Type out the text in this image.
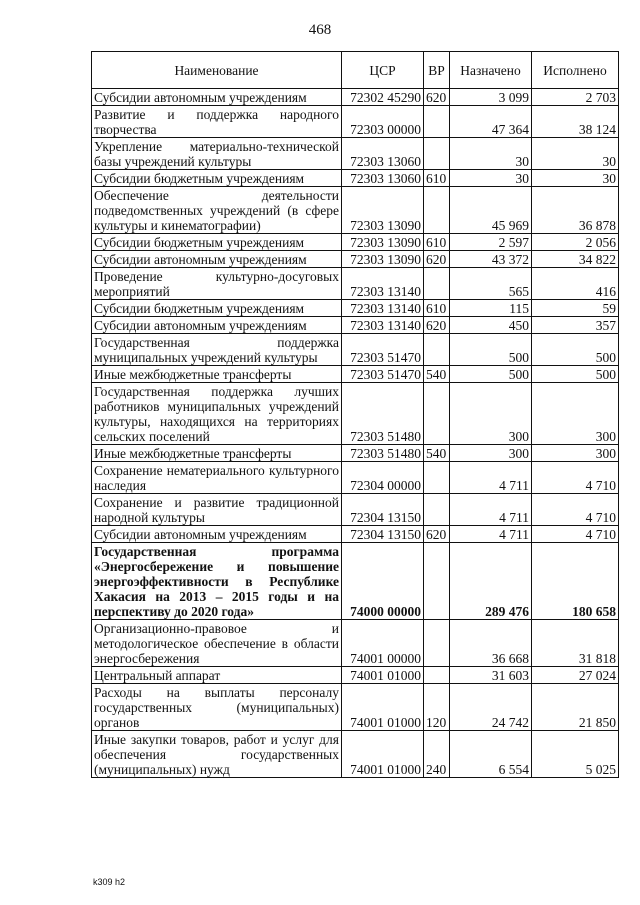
468
Наименование	ЦСР	ВР	Назначено	Исполнено
Субсидии автономным учреждениям	72302 45290	620	3 099	2 703
Развитие и поддержка народного творчества	72303 00000		47 364	38 124
Укрепление материально-технической базы учреждений культуры	72303 13060		30	30
Субсидии бюджетным учреждениям	72303 13060	610	30	30
Обеспечение деятельности подведомственных учреждений (в сфере культуры и кинематографии)	72303 13090		45 969	36 878
Субсидии бюджетным учреждениям	72303 13090	610	2 597	2 056
Субсидии автономным учреждениям	72303 13090	620	43 372	34 822
Проведение культурно-досуговых мероприятий	72303 13140		565	416
Субсидии бюджетным учреждениям	72303 13140	610	115	59
Субсидии автономным учреждениям	72303 13140	620	450	357
Государственная поддержка муниципальных учреждений культуры	72303 51470		500	500
Иные межбюджетные трансферты	72303 51470	540	500	500
Государственная поддержка лучших работников муниципальных учреждений культуры, находящихся на территориях сельских поселений	72303 51480		300	300
Иные межбюджетные трансферты	72303 51480	540	300	300
Сохранение нематериального культурного наследия	72304 00000		4 711	4 710
Сохранение и развитие традиционной народной культуры	72304 13150		4 711	4 710
Субсидии автономным учреждениям	72304 13150	620	4 711	4 710
Государственная программа «Энергосбережение и повышение энергоэффективности в Республике Хакасия на 2013 – 2015 годы и на перспективу до 2020 года»	74000 00000		289 476	180 658
Организационно-правовое и методологическое обеспечение в области энергосбережения	74001 00000		36 668	31 818
Центральный аппарат	74001 01000		31 603	27 024
Расходы на выплаты персоналу государственных (муниципальных) органов	74001 01000	120	24 742	21 850
Иные закупки товаров, работ и услуг для обеспечения государственных (муниципальных) нужд	74001 01000	240	6 554	5 025
k309 h2
